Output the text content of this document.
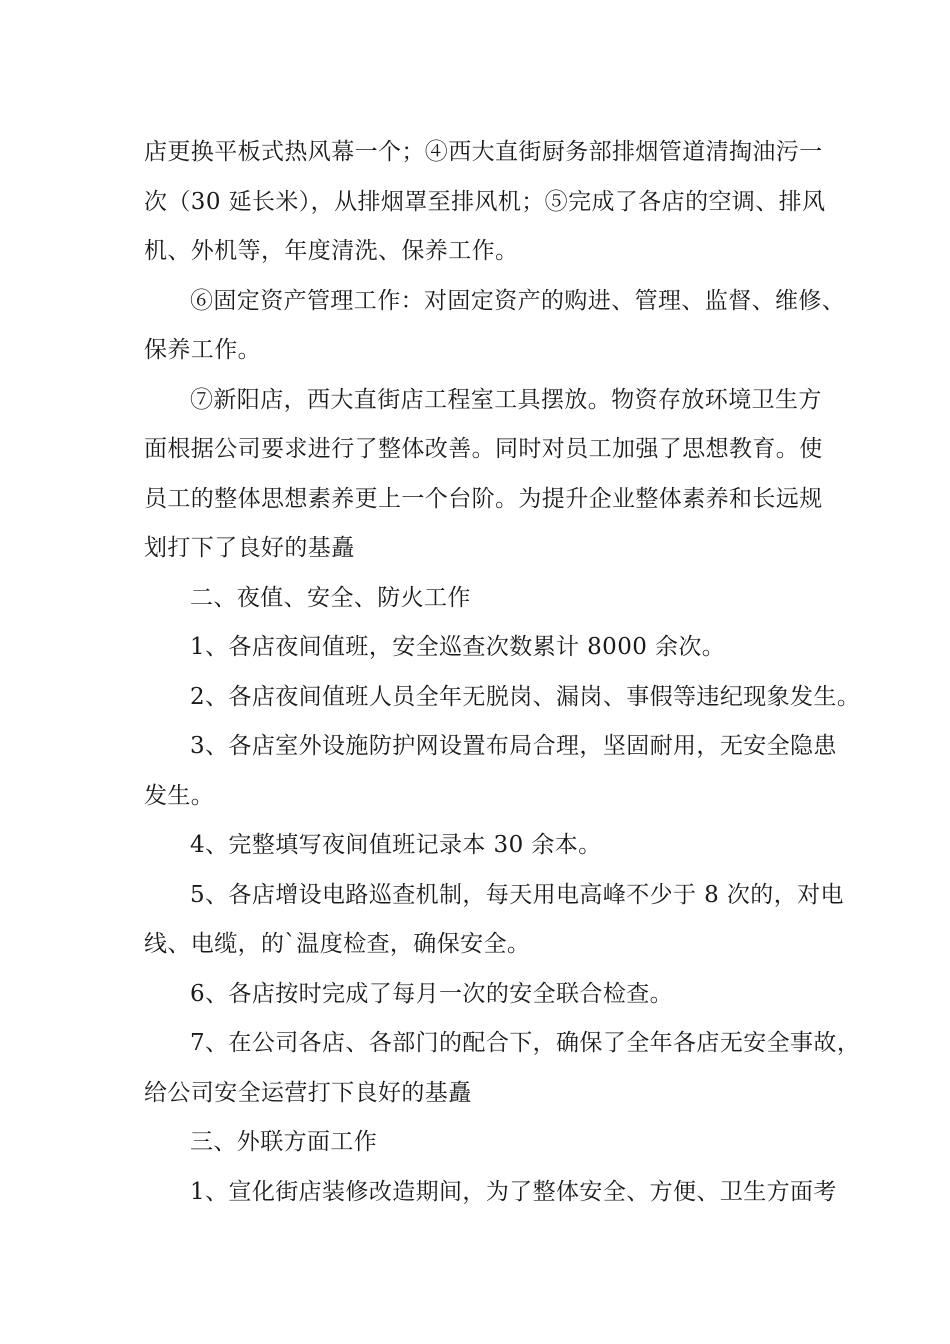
店更换平板式热风幕一个；④西大直街厨务部排烟管道清掏油污一
次（30 延长米），从排烟罩至排风机；⑤完成了各店的空调、排风
机、外机等，年度清洗、保养工作。
⑥固定资产管理工作：对固定资产的购进、管理、监督、维修、
保养工作。
⑦新阳店，西大直街店工程室工具摆放。物资存放环境卫生方
面根据公司要求进行了整体改善。同时对员工加强了思想教育。使
员工的整体思想素养更上一个台阶。为提升企业整体素养和长远规
划打下了良好的基矗
二、夜值、安全、防火工作
1、各店夜间值班，安全巡查次数累计 8000 余次。
2、各店夜间值班人员全年无脱岗、漏岗、事假等违纪现象发生。
3、各店室外设施防护网设置布局合理，坚固耐用，无安全隐患
发生。
4、完整填写夜间值班记录本 30 余本。
5、各店增设电路巡查机制，每天用电高峰不少于 8 次的，对电
线、电缆，的`温度检查，确保安全。
6、各店按时完成了每月一次的安全联合检查。
7、在公司各店、各部门的配合下，确保了全年各店无安全事故，
给公司安全运营打下良好的基矗
三、外联方面工作
1、宣化街店装修改造期间，为了整体安全、方便、卫生方面考
